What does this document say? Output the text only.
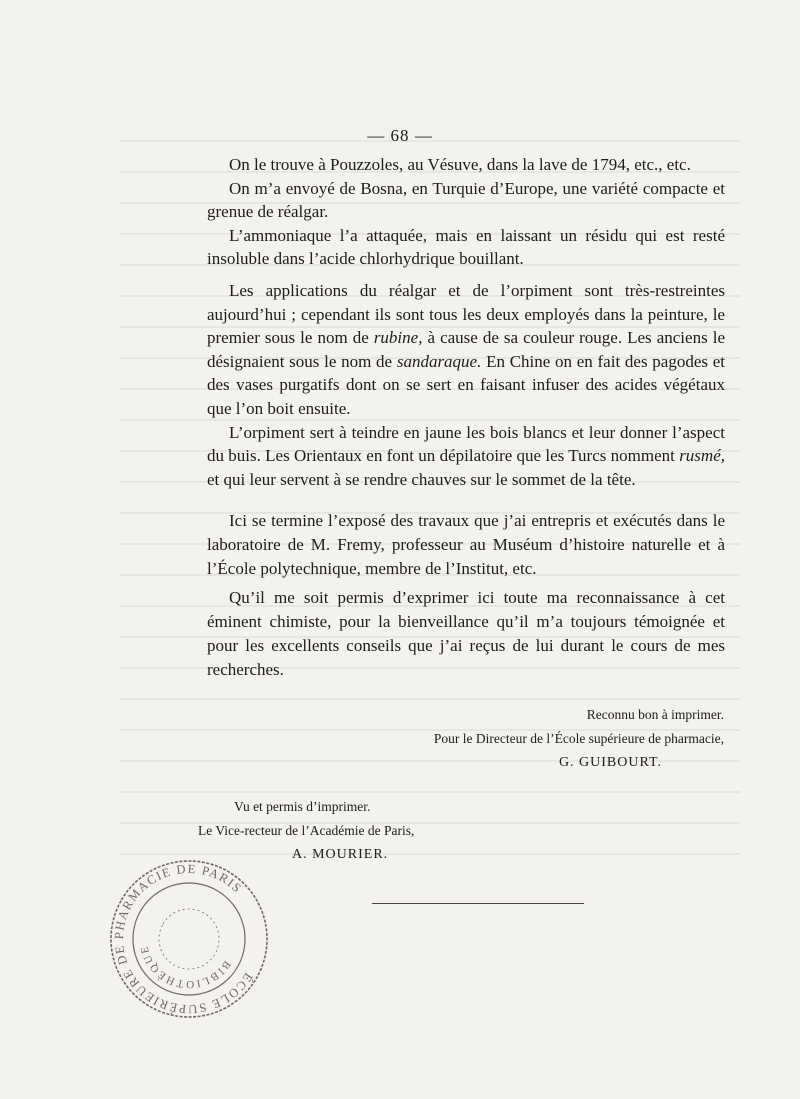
— 68 —

On le trouve à Pouzzoles, au Vésuve, dans la lave de 1794, etc., etc.

On m’a envoyé de Bosna, en Turquie d’Europe, une variété compacte et grenue de réalgar.

L’ammoniaque l’a attaquée, mais en laissant un résidu qui est resté insoluble dans l’acide chlorhydrique bouillant.

Les applications du réalgar et de l’orpiment sont très-restreintes aujourd’hui ; cependant ils sont tous les deux employés dans la peinture, le premier sous le nom de rubine, à cause de sa couleur rouge. Les anciens le désignaient sous le nom de sandaraque. En Chine on en fait des pagodes et des vases purgatifs dont on se sert en faisant infuser des acides végétaux que l’on boit ensuite.

L’orpiment sert à teindre en jaune les bois blancs et leur donner l’aspect du buis. Les Orientaux en font un dépilatoire que les Turcs nomment rusmé, et qui leur servent à se rendre chauves sur le sommet de la tête.

Ici se termine l’exposé des travaux que j’ai entrepris et exécutés dans le laboratoire de M. Fremy, professeur au Muséum d’histoire naturelle et à l’École polytechnique, membre de l’Institut, etc.

Qu’il me soit permis d’exprimer ici toute ma reconnaissance à cet éminent chimiste, pour la bienveillance qu’il m’a toujours témoignée et pour les excellents conseils que j’ai reçus de lui durant le cours de mes recherches.

Reconnu bon à imprimer.
Pour le Directeur de l’École supérieure de pharmacie,
G. GUIBOURT.
Vu et permis d’imprimer.
Le Vice-recteur de l’Académie de Paris,
A. MOURIER.
ÉCOLE SUPÉRIEURE DE PHARMACIE DE PARIS
BIBLIOTHÈQUE
